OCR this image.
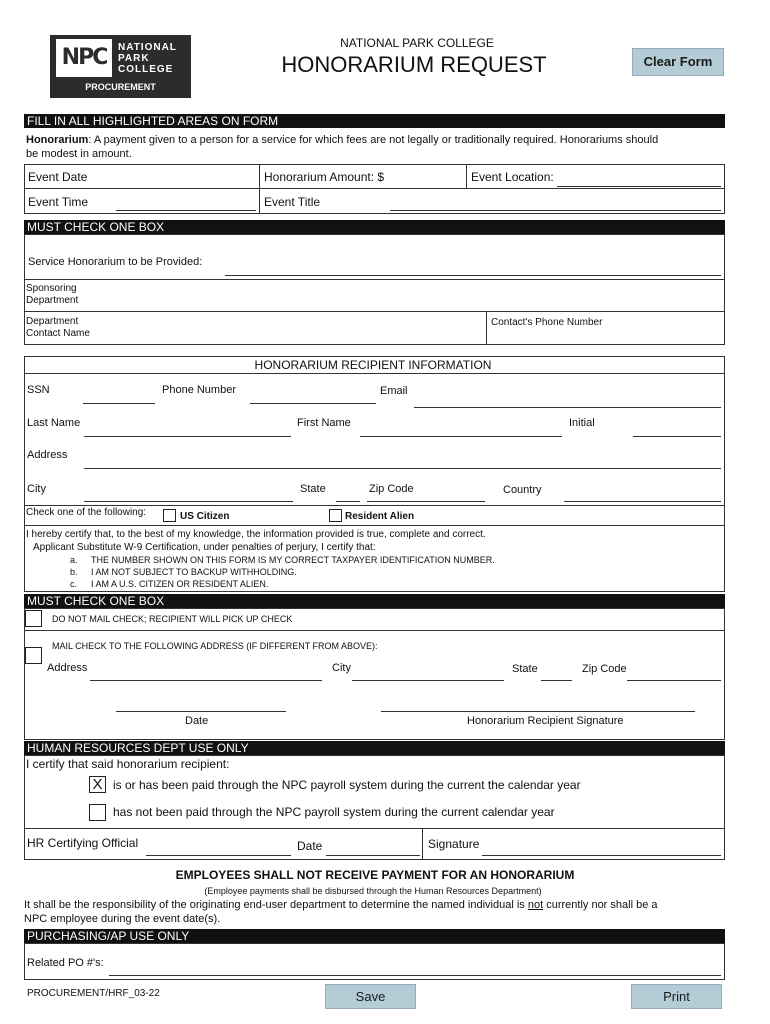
NPC	NATIONAL
PARK
COLLEGE
PROCUREMENT
NATIONAL PARK COLLEGE
HONORARIUM REQUEST	Clear Form
FILL IN ALL HIGHLIGHTED AREAS ON FORM
Honorarium: A payment given to a person for a service for which fees are not legally or traditionally required. Honorariums should
be modest in amount.
Event Date	Honorarium Amount: $	Event Location:
Event Time	Event Title
MUST CHECK ONE BOX
Service Honorarium to be Provided:
Sponsoring
Department
Department
Contact Name
Contact's Phone Number
HONORARIUM RECIPIENT INFORMATION
SSN	Phone Number	Email
Last Name	First Name	Initial
Address
City	State	Zip Code	Country
Check one of the following:	US Citizen	Resident Alien
I hereby certify that, to the best of my knowledge, the information provided is true, complete and correct.
Applicant Substitute W-9 Certification, under penalties of perjury, I certify that:
a. THE NUMBER SHOWN ON THIS FORM IS MY CORRECT TAXPAYER IDENTIFICATION NUMBER.
b. I AM NOT SUBJECT TO BACKUP WITHHOLDING.
c. I AM A U.S. CITIZEN OR RESIDENT ALIEN.
MUST CHECK ONE BOX
DO NOT MAIL CHECK; RECIPIENT WILL PICK UP CHECK
MAIL CHECK TO THE FOLLOWING ADDRESS (IF DIFFERENT FROM ABOVE):
Address	City	State	Zip Code
Date	Honorarium Recipient Signature
HUMAN RESOURCES DEPT USE ONLY
I certify that said honorarium recipient:
X is or has been paid through the NPC payroll system during the current the calendar year
has not been paid through the NPC payroll system during the current calendar year
HR Certifying Official	Date	Signature
EMPLOYEES SHALL NOT RECEIVE PAYMENT FOR AN HONORARIUM
(Employee payments shall be disbursed through the Human Resources Department)
It shall be the responsibility of the originating end-user department to determine the named individual is not currently nor shall be a
NPC employee during the event date(s).
PURCHASING/AP USE ONLY
Related PO #'s:
PROCUREMENT/HRF_03-22	Save	Print
